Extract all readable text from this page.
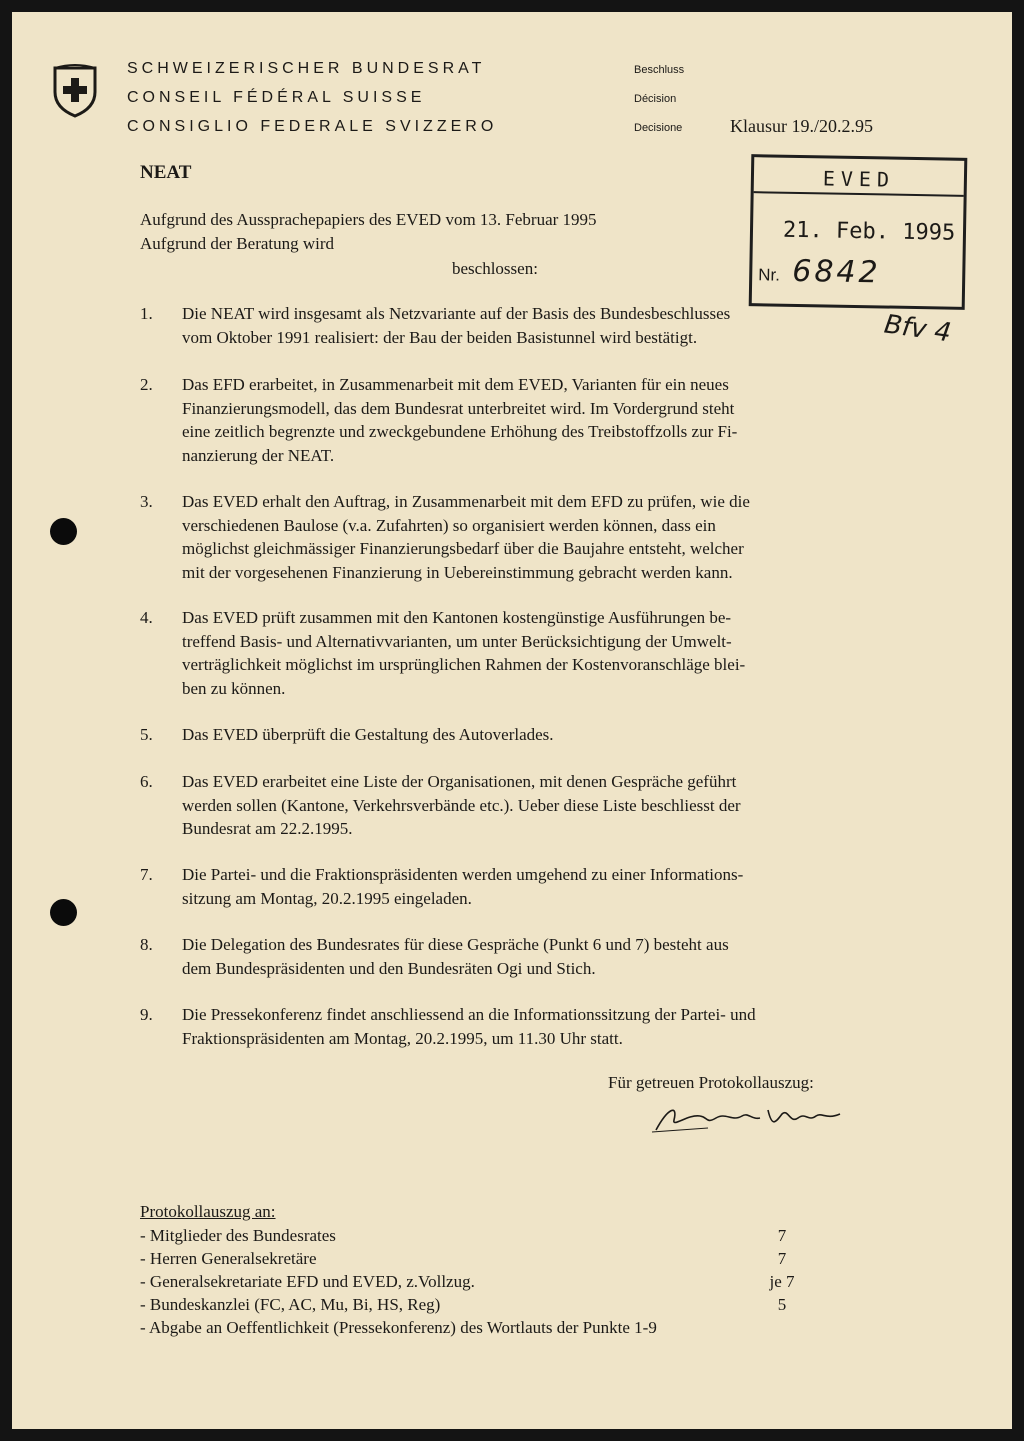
SCHWEIZERISCHER BUNDESRAT
CONSEIL FÉDÉRAL SUISSE
CONSIGLIO FEDERALE SVIZZERO
Beschluss
Décision
Decisione	Klausur 19./20.2.95
EVED
21. Feb. 1995
Nr. 6842
Bfv 4
NEAT
Aufgrund des Aussprachepapiers des EVED vom 13. Februar 1995
Aufgrund der Beratung wird
beschlossen:
1. Die NEAT wird insgesamt als Netzvariante auf der Basis des Bundesbeschlusses
vom Oktober 1991 realisiert: der Bau der beiden Basistunnel wird bestätigt.
2. Das EFD erarbeitet, in Zusammenarbeit mit dem EVED, Varianten für ein neues
Finanzierungsmodell, das dem Bundesrat unterbreitet wird. Im Vordergrund steht
eine zeitlich begrenzte und zweckgebundene Erhöhung des Treibstoffzolls zur Fi-
nanzierung der NEAT.
3. Das EVED erhalt den Auftrag, in Zusammenarbeit mit dem EFD zu prüfen, wie die
verschiedenen Baulose (v.a. Zufahrten) so organisiert werden können, dass ein
möglichst gleichmässiger Finanzierungsbedarf über die Baujahre entsteht, welcher
mit der vorgesehenen Finanzierung in Uebereinstimmung gebracht werden kann.
4. Das EVED prüft zusammen mit den Kantonen kostengünstige Ausführungen be-
treffend Basis- und Alternativvarianten, um unter Berücksichtigung der Umwelt-
verträglichkeit möglichst im ursprünglichen Rahmen der Kostenvoranschläge blei-
ben zu können.
5. Das EVED überprüft die Gestaltung des Autoverlades.
6. Das EVED erarbeitet eine Liste der Organisationen, mit denen Gespräche geführt
werden sollen (Kantone, Verkehrsverbände etc.). Ueber diese Liste beschliesst der
Bundesrat am 22.2.1995.
7. Die Partei- und die Fraktionspräsidenten werden umgehend zu einer Informations-
sitzung am Montag, 20.2.1995 eingeladen.
8. Die Delegation des Bundesrates für diese Gespräche (Punkt 6 und 7) besteht aus
dem Bundespräsidenten und den Bundesräten Ogi und Stich.
9. Die Pressekonferenz findet anschliessend an die Informationssitzung der Partei- und
Fraktionspräsidenten am Montag, 20.2.1995, um 11.30 Uhr statt.
Für getreuen Protokollauszug:
Protokollauszug an:
- Mitglieder des Bundesrates	7
- Herren Generalsekretäre	7
- Generalsekretariate EFD und EVED, z.Vollzug.	je 7
- Bundeskanzlei (FC, AC, Mu, Bi, HS, Reg)	5
- Abgabe an Oeffentlichkeit (Pressekonferenz) des Wortlauts der Punkte 1-9
